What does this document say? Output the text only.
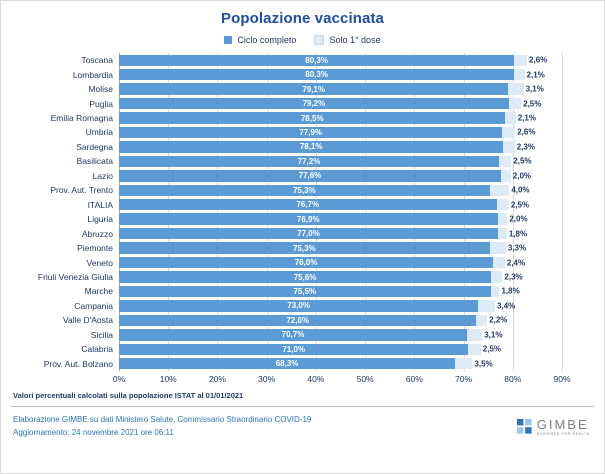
Popolazione vaccinata
Ciclo completo	Solo 1° dose
Toscana	80,3%	2,6%
Lombardia	80,3%	2,1%
Molise	79,1%	3,1%
Puglia	79,2%	2,5%
Emilia Romagna	78,5%	2,1%
Umbria	77,9%	2,6%
Sardegna	78,1%	2,3%
Basilicata	77,2%	2,5%
Lazio	77,6%	2,0%
Prov. Aut. Trento	75,3%	4,0%
ITALIA	76,7%	2,5%
Liguria	76,9%	2,0%
Abruzzo	77,0%	1,8%
Piemonte	75,3%	3,3%
Veneto	76,0%	2,4%
Friuli Venezia Giulia	75,6%	2,3%
Marche	75,5%	1,8%
Campania	73,0%	3,4%
Valle D'Aosta	72,6%	2,2%
Sicilia	70,7%	3,1%
Calabria	71,0%	2,5%
Prov. Aut. Bolzano	68,3%	3,5%
0%	10%	20%	30%	40%	50%	60%	70%	80%	90%
Valori percentuali calcolati sulla popolazione ISTAT al 01/01/2021
Elaborazione GIMBE su dati Ministero Salute, Commissario Straordinario COVID-19
Aggiornamento: 24 novembre 2021 ore 06:11
GIMBE
EVIDENCE FOR HEALTH
